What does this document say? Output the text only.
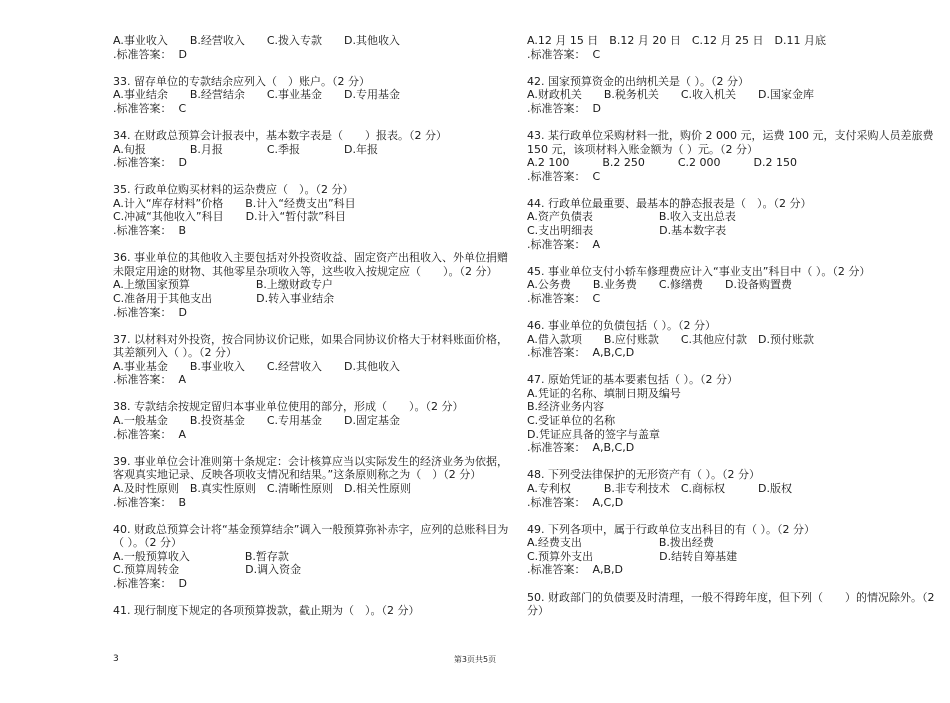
A.事业收入　　B.经营收入　　C.拨入专款　　D.其他收入
.标准答案：  D
33. 留存单位的专款结余应列入（　）账户。（2 分）
A.事业结余　　B.经营结余　　C.事业基金　　D.专用基金
.标准答案：  C
34. 在财政总预算会计报表中，基本数字表是（　　）报表。（2 分）
A.旬报　　　　B.月报　　　　C.季报　　　　D.年报
.标准答案：  D
35. 行政单位购买材料的运杂费应（　）。（2 分）
A.计入“库存材料”价格　　B.计入“经费支出”科目
C.冲减“其他收入”科目　　D.计入“暂付款”科目
.标准答案：  B
36. 事业单位的其他收入主要包括对外投资收益、固定资产出租收入、外单位捐赠
未限定用途的财物、其他零星杂项收入等，这些收入按规定应（　　）。（2 分）
A.上缴国家预算　　　　　　B.上缴财政专户
C.准备用于其他支出　　　　D.转入事业结余
.标准答案：  D
37. 以材料对外投资，按合同协议价记账，如果合同协议价格大于材料账面价格，
其差额列入（ ）。（2 分）
A.事业基金　　B.事业收入　　C.经营收入　　D.其他收入
.标准答案：  A
38. 专款结余按规定留归本事业单位使用的部分，形成（　　）。（2 分）
A.一般基金　　B.投资基金　　C.专用基金　　D.固定基金
.标准答案：  A
39. 事业单位会计准则第十条规定：会计核算应当以实际发生的经济业务为依据，
客观真实地记录、反映各项收支情况和结果。”这条原则称之为（　）（2 分）
A.及时性原则　B.真实性原则　C.清晰性原则　D.相关性原则
.标准答案：  B
40. 财政总预算会计将“基金预算结余”调入一般预算弥补赤字，应列的总账科目为
（ ）。（2 分）
A.一般预算收入　　　　　B.暂存款
C.预算周转金　　　　　　D.调入资金
.标准答案：  D
41. 现行制度下规定的各项预算拨款，截止期为（　）。（2 分）
A.12 月 15 日　B.12 月 20 日　C.12 月 25 日　D.11 月底
.标准答案：  C
42. 国家预算资金的出纳机关是（ ）。（2 分）
A.财政机关　　B.税务机关　　C.收入机关　　D.国家金库
.标准答案：  D
43. 某行政单位采购材料一批，购价 2 000 元，运费 100 元，支付采购人员差旅费
150 元，该项材料入账金额为（ ）元。（2 分）
A.2 100　　　B.2 250　　　C.2 000　　　D.2 150
.标准答案：  C
44. 行政单位最重要、最基本的静态报表是（　）。（2 分）
A.资产负债表　　　　　　B.收入支出总表
C.支出明细表　　　　　　D.基本数字表
.标准答案：  A
45. 事业单位支付小轿车修理费应计入“事业支出”科目中（ ）。（2 分）
A.公务费　　B.业务费　　C.修缮费　　D.设备购置费
.标准答案：  C
46. 事业单位的负债包括（ ）。（2 分）
A.借入款项　　B.应付账款　　C.其他应付款　D.预付账款
.标准答案：  A,B,C,D
47. 原始凭证的基本要素包括（ ）。（2 分）
A.凭证的名称、填制日期及编号
B.经济业务内容
C.受证单位的名称
D.凭证应具备的签字与盖章
.标准答案：  A,B,C,D
48. 下列受法律保护的无形资产有（ ）。（2 分）
A.专利权　　　B.非专利技术　C.商标权　　　D.版权
.标准答案：  A,C,D
49. 下列各项中，属于行政单位支出科目的有（ ）。（2 分）
A.经费支出　　　　　　　B.拨出经费
C.预算外支出　　　　　　D.结转自筹基建
.标准答案：  A,B,D
50. 财政部门的负债要及时清理，一般不得跨年度，但下列（　　）的情况除外。（2
分）
3	第3页共5页
